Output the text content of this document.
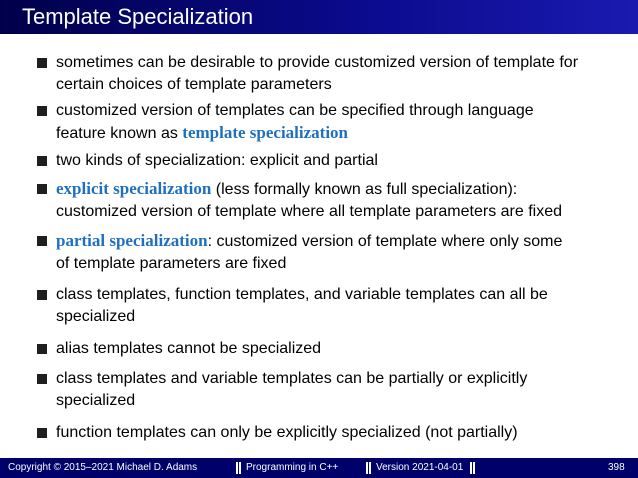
Template Specialization
sometimes can be desirable to provide customized version of template for
certain choices of template parameters
customized version of templates can be specified through language
feature known as template specialization
two kinds of specialization: explicit and partial
explicit specialization (less formally known as full specialization):
customized version of template where all template parameters are fixed
partial specialization: customized version of template where only some
of template parameters are fixed
class templates, function templates, and variable templates can all be
specialized
alias templates cannot be specialized
class templates and variable templates can be partially or explicitly
specialized
function templates can only be explicitly specialized (not partially)
Copyright © 2015–2021 Michael D. Adams	Programming in C++	Version 2021-04-01	398
